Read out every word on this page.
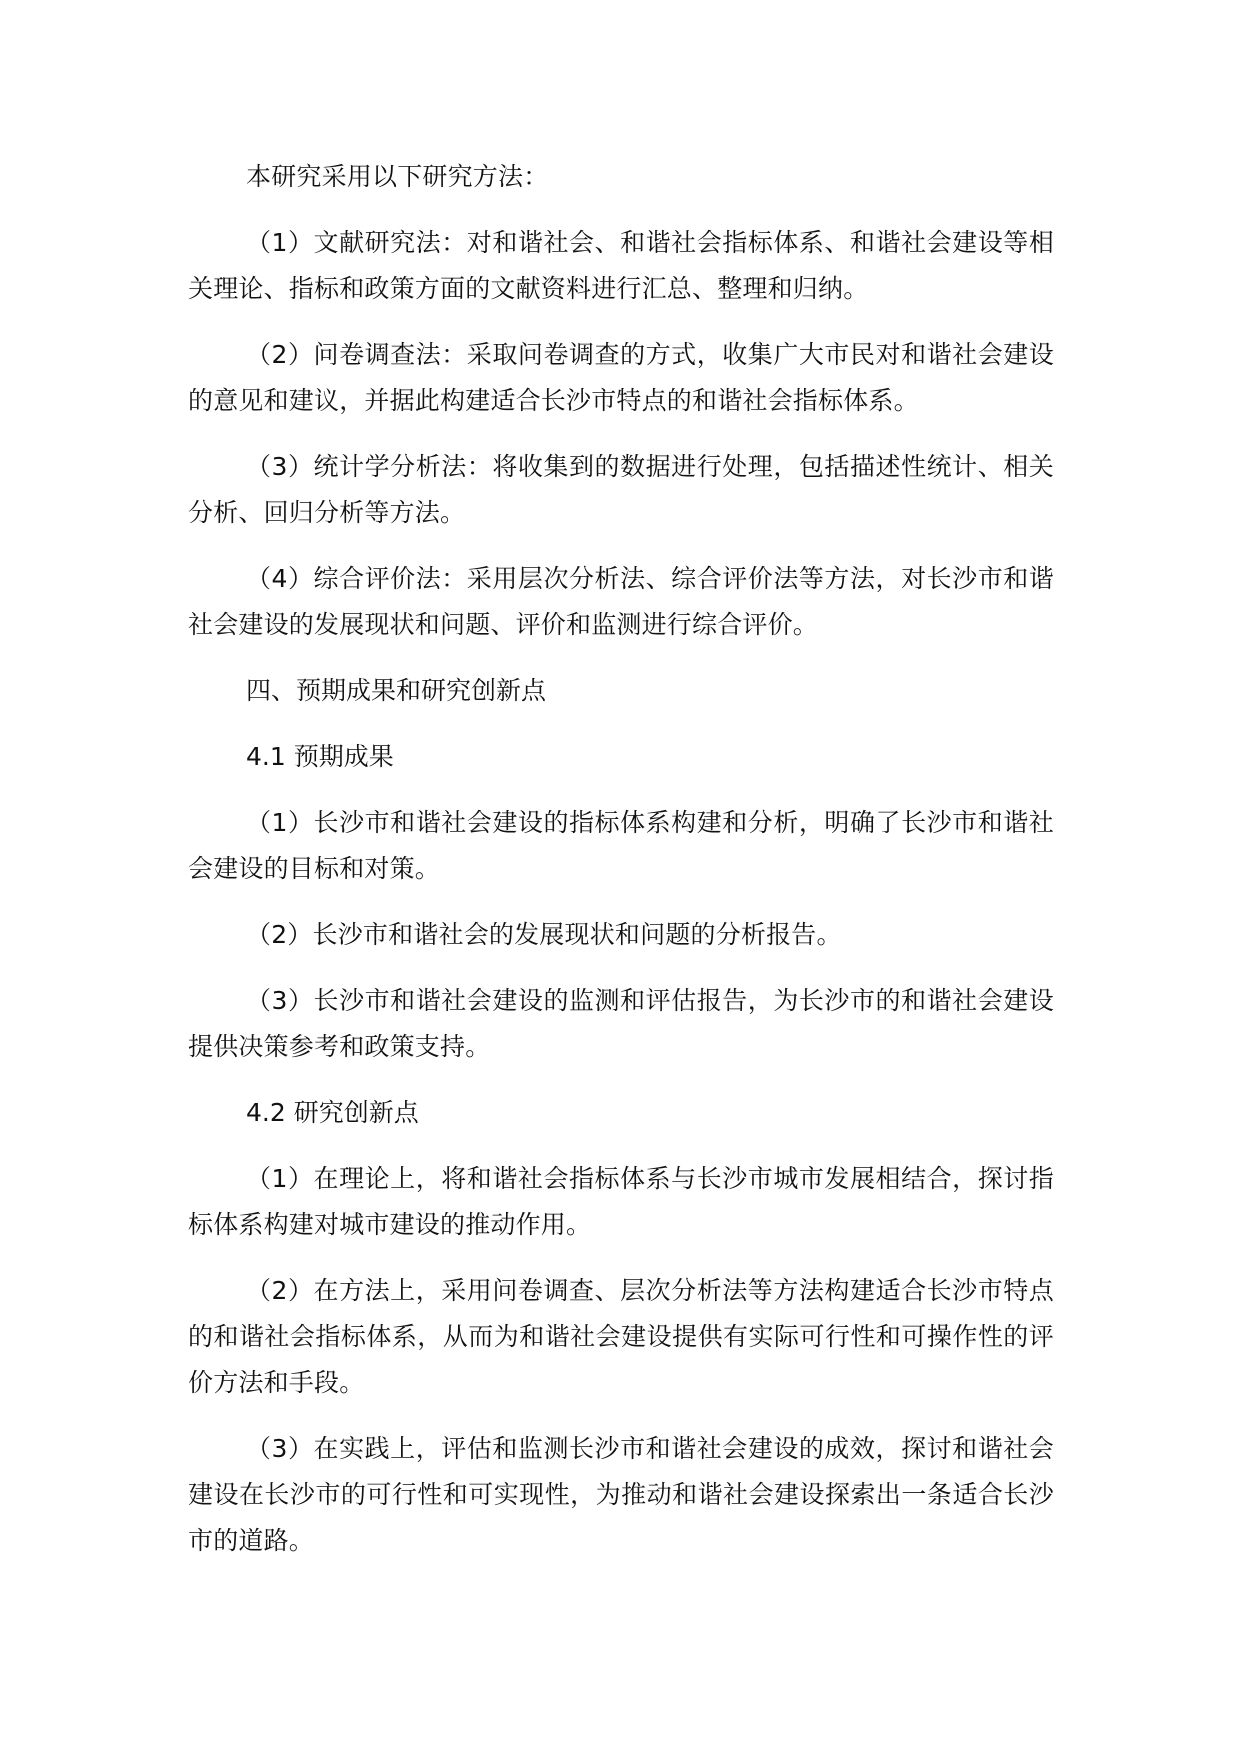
本研究采用以下研究方法：

（1）文献研究法：对和谐社会、和谐社会指标体系、和谐社会建设等相关理论、指标和政策方面的文献资料进行汇总、整理和归纳。

（2）问卷调查法：采取问卷调查的方式，收集广大市民对和谐社会建设的意见和建议，并据此构建适合长沙市特点的和谐社会指标体系。

（3）统计学分析法：将收集到的数据进行处理，包括描述性统计、相关分析、回归分析等方法。

（4）综合评价法：采用层次分析法、综合评价法等方法，对长沙市和谐社会建设的发展现状和问题、评价和监测进行综合评价。

四、预期成果和研究创新点

4.1 预期成果

（1）长沙市和谐社会建设的指标体系构建和分析，明确了长沙市和谐社会建设的目标和对策。

（2）长沙市和谐社会的发展现状和问题的分析报告。

（3）长沙市和谐社会建设的监测和评估报告，为长沙市的和谐社会建设提供决策参考和政策支持。

4.2 研究创新点

（1）在理论上，将和谐社会指标体系与长沙市城市发展相结合，探讨指标体系构建对城市建设的推动作用。

（2）在方法上，采用问卷调查、层次分析法等方法构建适合长沙市特点的和谐社会指标体系，从而为和谐社会建设提供有实际可行性和可操作性的评价方法和手段。

（3）在实践上，评估和监测长沙市和谐社会建设的成效，探讨和谐社会建设在长沙市的可行性和可实现性，为推动和谐社会建设探索出一条适合长沙市的道路。
